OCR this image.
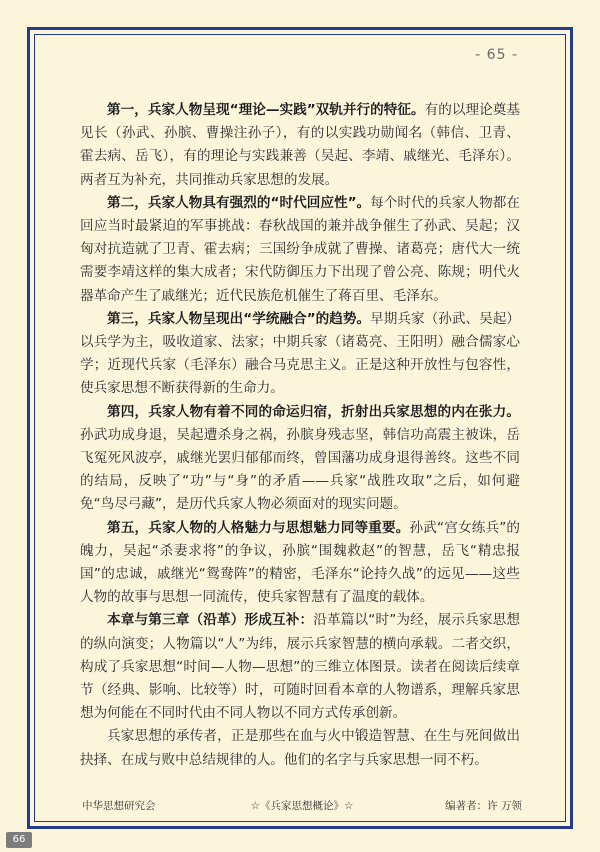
- 65 -

第一，兵家人物呈现“理论—实践”双轨并行的特征。有的以理论奠基见长（孙武、孙膑、曹操注孙子），有的以实践功勋闻名（韩信、卫青、霍去病、岳飞），有的理论与实践兼善（吴起、李靖、戚继光、毛泽东）。两者互为补充，共同推动兵家思想的发展。

第二，兵家人物具有强烈的“时代回应性”。每个时代的兵家人物都在回应当时最紧迫的军事挑战：春秋战国的兼并战争催生了孙武、吴起；汉匈对抗造就了卫青、霍去病；三国纷争成就了曹操、诸葛亮；唐代大一统需要李靖这样的集大成者；宋代防御压力下出现了曾公亮、陈规；明代火器革命产生了戚继光；近代民族危机催生了蒋百里、毛泽东。

第三，兵家人物呈现出“学统融合”的趋势。早期兵家（孙武、吴起）以兵学为主，吸收道家、法家；中期兵家（诸葛亮、王阳明）融合儒家心学；近现代兵家（毛泽东）融合马克思主义。正是这种开放性与包容性，使兵家思想不断获得新的生命力。

第四，兵家人物有着不同的命运归宿，折射出兵家思想的内在张力。孙武功成身退，吴起遭杀身之祸，孙膑身残志坚，韩信功高震主被诛，岳飞冤死风波亭，戚继光罢归郁郁而终，曾国藩功成身退得善终。这些不同的结局，反映了“功”与“身”的矛盾——兵家“战胜攻取”之后，如何避免“鸟尽弓藏”，是历代兵家人物必须面对的现实问题。

第五，兵家人物的人格魅力与思想魅力同等重要。孙武“宫女练兵”的魄力，吴起“杀妻求将”的争议，孙膑“围魏救赵”的智慧，岳飞“精忠报国”的忠诚，戚继光“鸳鸯阵”的精密，毛泽东“论持久战”的远见——这些人物的故事与思想一同流传，使兵家智慧有了温度的载体。

本章与第三章（沿革）形成互补：沿革篇以“时”为经，展示兵家思想的纵向演变；人物篇以“人”为纬，展示兵家智慧的横向承载。二者交织，构成了兵家思想“时间—人物—思想”的三维立体图景。读者在阅读后续章节（经典、影响、比较等）时，可随时回看本章的人物谱系，理解兵家思想为何能在不同时代由不同人物以不同方式传承创新。

兵家思想的承传者，正是那些在血与火中锻造智慧、在生与死间做出抉择、在成与败中总结规律的人。他们的名字与兵家思想一同不朽。

中华思想研究会	☆《兵家思想概论》☆	编著者：许 万领
66
